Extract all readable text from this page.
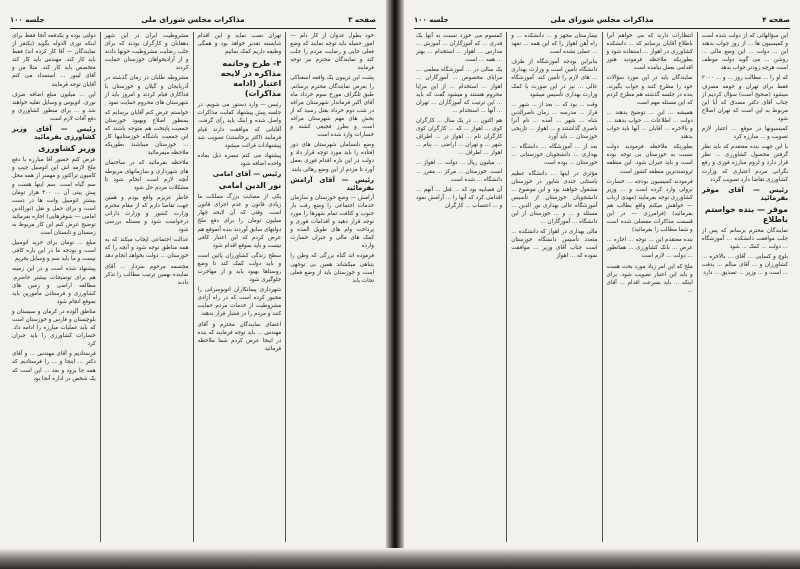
صفحه ۳
مذاکرات مجلس شورای ملی
جلسه ۱۰۰

خود بطول عدوان از کار دلم — امور حمیله باید توجه نمایند که وضع فعلی جایی و رضایت مردم را جلب کند و نمایندگان محترم نیز توجه فرمایند

پشت این تریبون یک واقعه اسفناکی را بعرض نمایندگان محترم برسانم. طبق تلگراف مورخ سوم خرداد ماه آقای اکبر فرماندار شهرستان مراغه در شب دوم خرداد بقتل رسید که از بخش های مهم شهرستان مراغه است و بطرز فجیعی کشته و خسارات وارد شده است

وضع نابسامان شهرستان های دور افتاده را باید مورد توجه قرار داد و دولت در این باره اقدام فوری بعمل آورد تا مردم از این وضع رهائی یابند

رئیس — آقای آرامش بفرمائید

آرامش — وضع خوزستان و سازمان خدمات اجتماعی را وضع رقت بار جنوب و کثافت تمام شهرها را مورد توجه قرار دهید و اقدامات فوری و پرداخت وام های طویل المده و کمک های مالی و جبران خسارت وارده

فرموده اند گناه بزرگی که وطن را بتباهی میکشاند همین بی توجهی است و خوزستان باید از وضع فعلی نجات یابد

تهران نصب نماید و این اقدام شایسته تقدیر خواهد بود و همگی وظیفه داریم کمک نمائیم

۳- طرح وخاتمه مذاکره در لایحه اعتبار (ادامه مذاکرات)

رئیس — وارد دستور می شویم، در جلسه پیش پیشنهاد کفایت مذاکرات واصل شده و اینک باید رأی گرفت. آقایانی که موافقت دارند قیام فرمایند (اکثر برخاستند) تصویب شد پیشنهادات قرائت میشود

پیشنهاد می کنم تبصره ذیل بماده واحده اضافه شود

رئیس — آقای امامی

نور الدین امامی

یکی از مصایب بزرگ مملکت ما زیادی قانون و عدم اجرای قانون است. وقتی که آن لایحه چهار میلیون تومان را برای دفع ملخ دولتهای سابق آوردند بنده آنموقع هم عرض کردم که این اعتبار کافی نیست و باید بموقع اقدام شود

سطح زندگی کشاورزان پائین است و باید دولت کمک کند تا وضع روستاها بهبود یابد و از مهاجرت جلوگیری شود

شهرداری پیمانکاران اتوبوسرانی را مجبور کرده است که در راه آزادی مشروطیت از خدمات مردم حمایت کنند و مردم را در فشار قرار ندهند

اعضای نمایندگان محترم و آقای مهندس ... باید توجه فرمایند که بنده در اینجا عرض کردم شما ملاحظه فرمائید

مشروطیت ایران در این شهر دهقانان و کارگران بودند که برای جلب رضایت مشروطیت خونها دادند و از آزادیخواهان خوزستان حمایت کردند

مشروطه طلبان در زمان گذشته در آذربایجان و گیلان و خوزستان با فداکاری قیام کردند و امروز باید از شهرستان های محروم حمایت نمود

خواستم عرض کنم آقایان برسانم که بمنظور اصلاح وبهبود خوزستان جمعیت پایتخت هم متوجه باشند که این جمعیت باشگاه خوزستانیها کار ... خوزستان میباشند بطوریکه ملاحظه میفرمائید

ملاحظه بفرمائید که در ساختمان های شهرداری و سازمانهای مربوطه آنچه لازم است انجام شود تا مشکلات مردم حل شود

خاطر عزیزم واقع بودم و همین جهت تقاضا دارم که از مقام محترم وزارت کشور و وزارت دارائی درخواست شود و مسئله بررسی شود

عدالت اجتماعی ایجاب میکند که به همه مناطق توجه شود و آنچه را که خوزستان ... دولت بخواهد انجام دهد

مجسمه مرحوم سردار ... آقای نماینده بهمین ترتیب مطالب را تذکر دادند

دولتی بوده و یکدفعه آنجا فقط برای اینکه نوری الدوله بگوید (یکنفر از نمایندگان — آقا کار کرده اند) فقط باید کار کند. مهندس باید کار کند متخصص باید کار کند. مثلا من و آقای لیبور ... استمداد می کنم آقایان توجه فرمایند

این ... میلیون مبلغ اضافه صرف نوری. اتوبوس و وسایل نقلیه خواهند شد و ... برای منظور کشاورزی و دفع آفات لازم است

رئیس — آقای وزیر کشاورزی بفرمائید

وزیر کشاورزی

عرض کنم حضور آقا مبارزه با دفع ملخ لازمه اش این اتومبیل جیپ و کامیون تراکتور و مهمتر از همه محل سم گیاه است. سم اینها هست و پیش بینی آن ... ۴۰۰ هزار تومان بیشتر اتومبیل وانت ها در دست است و برای حمل و نقل (نورالدین امامی — شوفرهایی) اجازه بفرمائید توضیح عرض کنم این کار مربوط به زمستان و تابستان است

مبلغ ... تومان برای خرید اتومبیل است و بودجه ما در این باره کافی نیست و ما باید سم و وسایل بخریم

پیشنهاد شده است و در این زمینه هم برای توضیحات بیشتر حاضرم. مطالعه اراضی و زمین های کشاورزی و فرستادن مأمورین باید بموقع انجام شود

مناطق آلوده در کرمان و سیستان و بلوچستان و فارس و خوزستان است که باید عملیات مبارزه را ادامه داد. خسارات کشاورزی را باید جبران کرد

فرستادیم و آقای مهندس ... و آقای دکتر ... اینجا و ... را فرستادیم که همه جا برود و بعد ... این است که یک شخص در اداره آنجا بود

صفحه ۴
مذاکرات مجلس شورای ملی
جلسه ۱۰۰

این سؤالهائی که از دولت شده است و کمیسیون ها ... از روز جواب بدهند این ... دولت ... این وضع مالی ... روشن ... می گوید دولت موظف است هرچه زودتر جواب بدهد

که او را ... مطالب روز ... و ... ۲۰۰۰ فقط برای تهران و حومه مصرف میشود (صحیح است) سؤال کردیم از جناب آقای دکتر مصدق که آیا این مربوط به این است که تهران اصلاح شود

کمیسیونها در موقع ... اعتبار لازم تصویب و ... مبارزه کرد

با این جهت بنده معتقدم که باید نظر گرفتن محصول کشاورزی ... نظر قرار دارد و لزوم مبارزه فوری و رفع نگرانی مردم اعتباری که وزارت کشاورزی تقاضا دارد تصویب گردد

رئیس — آقای موقر بفرمائید

موقر — بنده خواستم باطلاع

نمایندگان محترم برسانم که پس از جلب موافقت دانشکده ... آموزشگاه ... دولت ... کمک ... شود

بلوچ و کسایی ... آقای ... بالاخره ... کشاورزان و ... آقای سالم ... بدقت ... است و ... وزیر ... تصدیق ... دارد

انتظارات دارند که می خواهم آنرا باطلاع آقایان برسانم که ... دانشکده کشاورزی در اهواز ... استفاده شود و بطوریکه ملاحظه فرمودید هنوز اقدامی بعمل نیامده است

نمایندگان باید در این مورد سؤالات خود را مطرح کنند و جواب بگیرند. بنده در جلسه گذشته هم مطرح کردم که این مسئله مهم است

همیشه ... این ... توضیح بدهند ... دولت ... اطلاعات ... جواب بدهند ... و بالاخره ... آقایان ... آنها باید جواب بدهند

بطوریکه ملاحظه فرمودید دولت نسبت به خوزستان بی توجه بوده است و باید جبران شود. این منطقه ثروتمندترین منطقه کشور است

فرمودند کمیسیون بودجه ... خسارت نزولی وارد کرده است و ... وزیر کشاورزی توجه بفرمایند (مهدی ارباب — خواهش میکنم واقع بطالب هم بفرمائید) (فرامرزی — در این قسمت مذاکرات مفصلی شده است و شما مطالب را بفرمائید)

بنده معتقدم این ... توجه ... اجازه ... عرض ... بانک کشاورزی ... همانطور ... دولت ... لازم است

ملخ که این امر زیاد مورد بحث هست و باید این اعتبار تصویب شود. برای اینکه ... باید بسرعت اقدام ... آقای ...

بیمارستان مجهز و ... دانشکده ... و راه آهن اهواز را که این همه ... تعهد ... عملی نشده است

بنابراین بودجه آموزشگاه از طرف دانشگاه تأمین است و وزارت بهداری ... های لازم را تأمین کند. آموزشگاه عالی ... نیز در این صورت با کمک وزارت بهداری تأسیس میشود

وقت ... بود که ... بعد از ... شهر ... قرار ... مدرسه ... زمان ناصرالدین شاه ... شهر ... آمده ... نام آنرا ناصری گذاشتند و ... اهواز ... تاریخی خوزستان ... باید آورد

بعد از ... آموزشگاه ... دانشگاه ... بهداری ... دانشجویان خوزستانی ... خوزستان ... بوده است

مؤثری در اینها ... دانشگاه عظیم باستانی جندی شاپور در خوزستان مشغول خواهند بود و این موضوع ... دانشجویان خوزستان از تأسیس آموزشگاه عالی بهداری نور الدین ... مسئله و ... و ... خوزستان از این دانشگاه ... آموزگاران ...

مالی بهداری در اهواز که دانشکده ... متعدد تأسیس دانشگاه خوزستان است جناب آقای وزیر ... موافقت نموده که ... اهواز

کمسوم می خورد نسبت به آنها یک قدری ... که آموزگاران ... آموزش ... مدارس ... اهواز ... استخدام ... بهتر ... همه ... است

یک سالی در ... آموزشگاه معلمی ... مزایای مخصوص ... آموزگاران ... اهواز ... استخدام ... از این مزایا محروم هستند و میشود گفت که باید ... این ترتیب که آموزگاران ... تهران ... آنها ... استخدام ...

هم اکنون ... در یک سال ... کارگران کوی ... اهواز ... که ... کارگران کوی کارگران نام ... اهواز در ... اطراف شهر ... و تهران ... اراضی ... بنام ... اهواز ... اطراف ...

... میلیون ریال ... دولت ... اهواز ... است. خوزستان ... مرکز ... مقرر ... دانشگاه ... شده است

آن قصابیه بود که ... قتل ... آنهم ... اقدامی کرد که آنها را ... آرامش نمود و ... اعتصاب ... کارگران
